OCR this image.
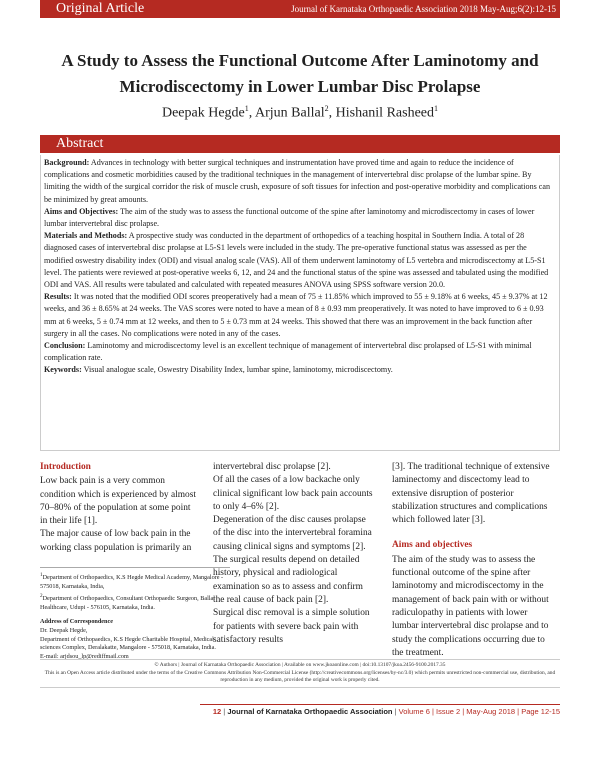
Original Article	Journal of Karnataka Orthopaedic Association 2018 May-Aug;6(2):12-15
A Study to Assess the Functional Outcome After Laminotomy and Microdiscectomy in Lower Lumbar Disc Prolapse
Deepak Hegde$^1$, Arjun Ballal$^2$, Hishanil Rasheed$^1$
Abstract

Background: Advances in technology with better surgical techniques and instrumentation have proved time and again to reduce the incidence of complications and cosmetic morbidities caused by the traditional techniques in the management of intervertebral disc prolapse of the lumbar spine. By limiting the width of the surgical corridor the risk of muscle crush, exposure of soft tissues for infection and post-operative morbidity and complications can be minimized by great amounts.

Aims and Objectives: The aim of the study was to assess the functional outcome of the spine after laminotomy and microdiscectomy in cases of lower lumbar intervertebral disc prolapse.

Materials and Methods: A prospective study was conducted in the department of orthopedics of a teaching hospital in Southern India. A total of 28 diagnosed cases of intervertebral disc prolapse at L5-S1 levels were included in the study. The pre-operative functional status was assessed as per the modified oswestry disability index (ODI) and visual analog scale (VAS). All of them underwent laminotomy of L5 vertebra and microdiscectomy at L5-S1 level. The patients were reviewed at post-operative weeks 6, 12, and 24 and the functional status of the spine was assessed and tabulated using the modified ODI and VAS. All results were tabulated and calculated with repeated measures ANOVA using SPSS software version 20.0.

Results: It was noted that the modified ODI scores preoperatively had a mean of 75 ± 11.85% which improved to 55 ± 9.18% at 6 weeks, 45 ± 9.37% at 12 weeks, and 36 ± 8.65% at 24 weeks. The VAS scores were noted to have a mean of 8 ± 0.93 mm preoperatively. It was noted to have improved to 6 ± 0.93 mm at 6 weeks, 5 ± 0.74 mm at 12 weeks, and then to 5 ± 0.73 mm at 24 weeks. This showed that there was an improvement in the back function after surgery in all the cases. No complications were noted in any of the cases.

Conclusion: Laminotomy and microdiscectomy level is an excellent technique of management of intervertebral disc prolapsed of L5-S1 with minimal complication rate.

Keywords: Visual analogue scale, Oswestry Disability Index, lumbar spine, laminotomy, microdiscectomy.

Introduction

Low back pain is a very common condition which is experienced by almost 70–80% of the population at some point in their life [1].

The major cause of low back pain in the working class population is primarily an

$^1$Department of Orthopaedics, K.S Hegde Medical Academy, Mangalore - 575018, Karnataka, India,

$^2$Department of Orthopaedics, Consultant Orthopaedic Surgeon, Ballal Healthcare, Udupi - 576105, Karnataka, India.

Address of Correspondence

Dr. Deepak Hegde,

Department of Orthopaedics, K.S Hegde Charitable Hospital, Medical sciences Complex, Deralakatte, Mangalore - 575018, Karnataka, India.

E-mail: arjdsou_lp@rediffmail.com

intervertebral disc prolapse [2].

Of all the cases of a low backache only clinical significant low back pain accounts to only 4–6% [2].

Degeneration of the disc causes prolapse of the disc into the intervertebral foramina causing clinical signs and symptoms [2]. The surgical results depend on detailed history, physical and radiological examination so as to assess and confirm the real cause of back pain [2].

Surgical disc removal is a simple solution for patients with severe back pain with satisfactory results

[3]. The traditional technique of extensive laminectomy and discectomy lead to extensive disruption of posterior stabilization structures and complications which followed later [3].

Aims and objectives

The aim of the study was to assess the functional outcome of the spine after laminotomy and microdiscectomy in the management of back pain with or without radiculopathy in patients with lower lumbar intervertebral disc prolapse and to study the complications occurring due to the treatment.

© Authors | Journal of Karnataka Orthopaedic Association | Available on www.jkoaonline.com | doi:10.13107/jkoa.2456-9100.2017.35

This is an Open Access article distributed under the terms of the Creative Commons Attribution Non-Commercial License (http://creativecommons.org/licenses/by-nc/3.0) which permits unrestricted non-commercial use, distribution, and reproduction in any medium, provided the original work is properly cited.

12 | Journal of Karnataka Orthopaedic Association | Volume 6 | Issue 2 | May-Aug 2018 | Page 12-15
